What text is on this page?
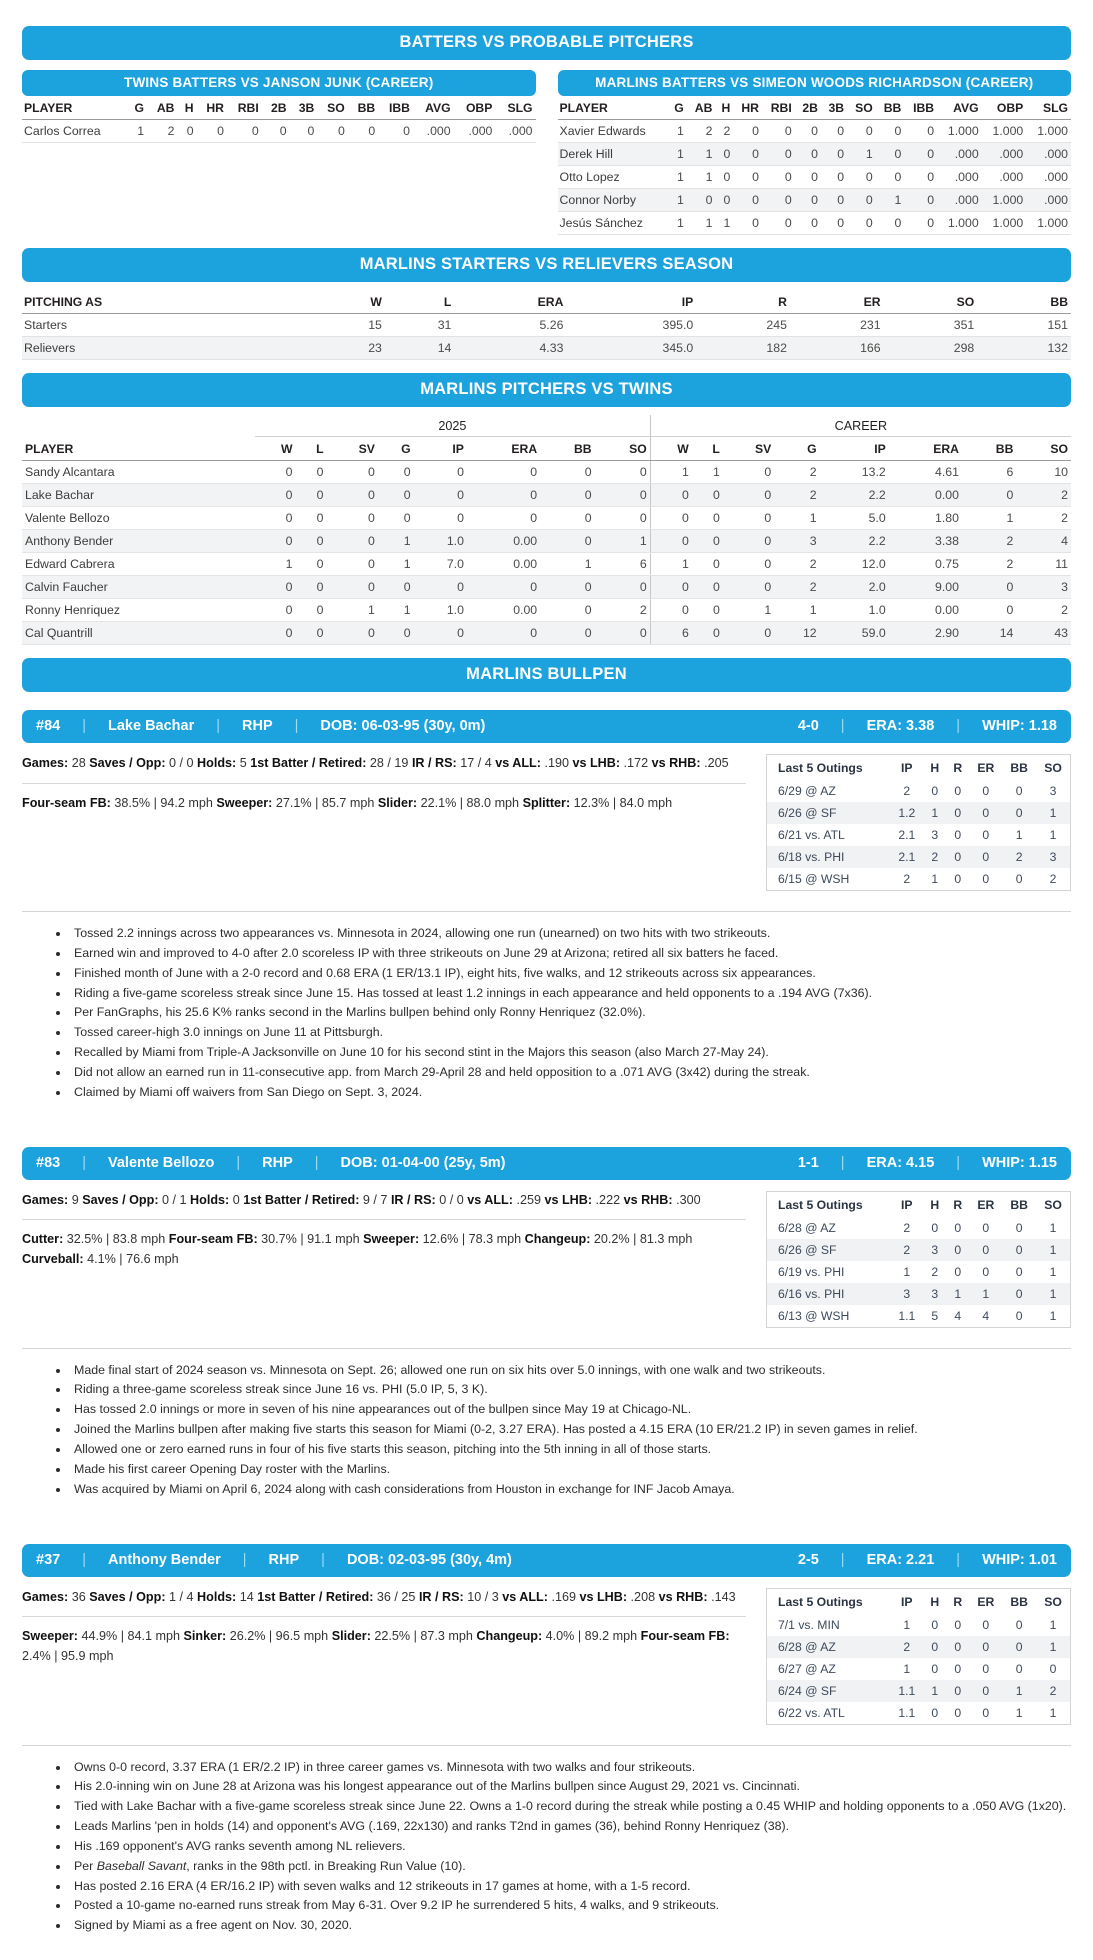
BATTERS VS PROBABLE PITCHERS
TWINS BATTERS VS JANSON JUNK (CAREER)
PLAYER	G	AB	H	HR	RBI	2B	3B	SO	BB	IBB	AVG	OBP	SLG
Carlos Correa	1	2	0	0	0	0	0	0	0	0	.000	.000	.000
MARLINS BATTERS VS SIMEON WOODS RICHARDSON (CAREER)
PLAYER	G	AB	H	HR	RBI	2B	3B	SO	BB	IBB	AVG	OBP	SLG
Xavier Edwards	1	2	2	0	0	0	0	0	0	0	1.000	1.000	1.000
Derek Hill	1	1	0	0	0	0	0	1	0	0	.000	.000	.000
Otto Lopez	1	1	0	0	0	0	0	0	0	0	.000	.000	.000
Connor Norby	1	0	0	0	0	0	0	0	1	0	.000	1.000	.000
Jesús Sánchez	1	1	1	0	0	0	0	0	0	0	1.000	1.000	1.000
MARLINS STARTERS VS RELIEVERS SEASON
PITCHING AS	W	L	ERA	IP	R	ER	SO	BB
Starters	15	31	5.26	395.0	245	231	351	151
Relievers	23	14	4.33	345.0	182	166	298	132
MARLINS PITCHERS VS TWINS
	2025								CAREER							
PLAYER	W	L	SV	G	IP	ERA	BB	SO	W	L	SV	G	IP	ERA	BB	SO
Sandy Alcantara	0	0	0	0	0	0	0	0	1	1	0	2	13.2	4.61	6	10
Lake Bachar	0	0	0	0	0	0	0	0	0	0	0	2	2.2	0.00	0	2
Valente Bellozo	0	0	0	0	0	0	0	0	0	0	0	1	5.0	1.80	1	2
Anthony Bender	0	0	0	1	1.0	0.00	0	1	0	0	0	3	2.2	3.38	2	4
Edward Cabrera	1	0	0	1	7.0	0.00	1	6	1	0	0	2	12.0	0.75	2	11
Calvin Faucher	0	0	0	0	0	0	0	0	0	0	0	2	2.0	9.00	0	3
Ronny Henriquez	0	0	1	1	1.0	0.00	0	2	0	0	1	1	1.0	0.00	0	2
Cal Quantrill	0	0	0	0	0	0	0	0	6	0	0	12	59.0	2.90	14	43
MARLINS BULLPEN
#84	|	Lake Bachar	|	RHP	|	DOB: 06-03-95 (30y, 0m)	4-0	|	ERA: 3.38	|	WHIP: 1.18
Games: 28 Saves / Opp: 0 / 0 Holds: 5 1st Batter / Retired: 28 / 19 IR / RS: 17 / 4 vs ALL: .190 vs LHB: .172 vs RHB: .205
Four-seam FB: 38.5% | 94.2 mph Sweeper: 27.1% | 85.7 mph Slider: 22.1% | 88.0 mph Splitter: 12.3% | 84.0 mph
Last 5 Outings	IP	H	R	ER	BB	SO
6/29 @ AZ	2	0	0	0	0	3
6/26 @ SF	1.2	1	0	0	0	1
6/21 vs. ATL	2.1	3	0	0	1	1
6/18 vs. PHI	2.1	2	0	0	2	3
6/15 @ WSH	2	1	0	0	0	2
• Tossed 2.2 innings across two appearances vs. Minnesota in 2024, allowing one run (unearned) on two hits with two strikeouts.
• Earned win and improved to 4-0 after 2.0 scoreless IP with three strikeouts on June 29 at Arizona; retired all six batters he faced.
• Finished month of June with a 2-0 record and 0.68 ERA (1 ER/13.1 IP), eight hits, five walks, and 12 strikeouts across six appearances.
• Riding a five-game scoreless streak since June 15. Has tossed at least 1.2 innings in each appearance and held opponents to a .194 AVG (7x36).
• Per FanGraphs, his 25.6 K% ranks second in the Marlins bullpen behind only Ronny Henriquez (32.0%).
• Tossed career-high 3.0 innings on June 11 at Pittsburgh.
• Recalled by Miami from Triple-A Jacksonville on June 10 for his second stint in the Majors this season (also March 27-May 24).
• Did not allow an earned run in 11-consecutive app. from March 29-April 28 and held opposition to a .071 AVG (3x42) during the streak.
• Claimed by Miami off waivers from San Diego on Sept. 3, 2024.
#83	|	Valente Bellozo	|	RHP	|	DOB: 01-04-00 (25y, 5m)	1-1	|	ERA: 4.15	|	WHIP: 1.15
Games: 9 Saves / Opp: 0 / 1 Holds: 0 1st Batter / Retired: 9 / 7 IR / RS: 0 / 0 vs ALL: .259 vs LHB: .222 vs RHB: .300
Cutter: 32.5% | 83.8 mph Four-seam FB: 30.7% | 91.1 mph Sweeper: 12.6% | 78.3 mph Changeup: 20.2% | 81.3 mph Curveball: 4.1% | 76.6 mph
Last 5 Outings	IP	H	R	ER	BB	SO
6/28 @ AZ	2	0	0	0	0	1
6/26 @ SF	2	3	0	0	0	1
6/19 vs. PHI	1	2	0	0	0	1
6/16 vs. PHI	3	3	1	1	0	1
6/13 @ WSH	1.1	5	4	4	0	1
• Made final start of 2024 season vs. Minnesota on Sept. 26; allowed one run on six hits over 5.0 innings, with one walk and two strikeouts.
• Riding a three-game scoreless streak since June 16 vs. PHI (5.0 IP, 5, 3 K).
• Has tossed 2.0 innings or more in seven of his nine appearances out of the bullpen since May 19 at Chicago-NL.
• Joined the Marlins bullpen after making five starts this season for Miami (0-2, 3.27 ERA). Has posted a 4.15 ERA (10 ER/21.2 IP) in seven games in relief.
• Allowed one or zero earned runs in four of his five starts this season, pitching into the 5th inning in all of those starts.
• Made his first career Opening Day roster with the Marlins.
• Was acquired by Miami on April 6, 2024 along with cash considerations from Houston in exchange for INF Jacob Amaya.
#37	|	Anthony Bender	|	RHP	|	DOB: 02-03-95 (30y, 4m)	2-5	|	ERA: 2.21	|	WHIP: 1.01
Games: 36 Saves / Opp: 1 / 4 Holds: 14 1st Batter / Retired: 36 / 25 IR / RS: 10 / 3 vs ALL: .169 vs LHB: .208 vs RHB: .143
Sweeper: 44.9% | 84.1 mph Sinker: 26.2% | 96.5 mph Slider: 22.5% | 87.3 mph Changeup: 4.0% | 89.2 mph Four-seam FB: 2.4% | 95.9 mph
Last 5 Outings	IP	H	R	ER	BB	SO
7/1 vs. MIN	1	0	0	0	0	1
6/28 @ AZ	2	0	0	0	0	1
6/27 @ AZ	1	0	0	0	0	0
6/24 @ SF	1.1	1	0	0	1	2
6/22 vs. ATL	1.1	0	0	0	1	1
• Owns 0-0 record, 3.37 ERA (1 ER/2.2 IP) in three career games vs. Minnesota with two walks and four strikeouts.
• His 2.0-inning win on June 28 at Arizona was his longest appearance out of the Marlins bullpen since August 29, 2021 vs. Cincinnati.
• Tied with Lake Bachar with a five-game scoreless streak since June 22. Owns a 1-0 record during the streak while posting a 0.45 WHIP and holding opponents to a .050 AVG (1x20).
• Leads Marlins 'pen in holds (14) and opponent's AVG (.169, 22x130) and ranks T2nd in games (36), behind Ronny Henriquez (38).
• His .169 opponent's AVG ranks seventh among NL relievers.
• Per Baseball Savant, ranks in the 98th pctl. in Breaking Run Value (10).
• Has posted 2.16 ERA (4 ER/16.2 IP) with seven walks and 12 strikeouts in 17 games at home, with a 1-5 record.
• Posted a 10-game no-earned runs streak from May 6-31. Over 9.2 IP he surrendered 5 hits, 4 walks, and 9 strikeouts.
• Signed by Miami as a free agent on Nov. 30, 2020.
